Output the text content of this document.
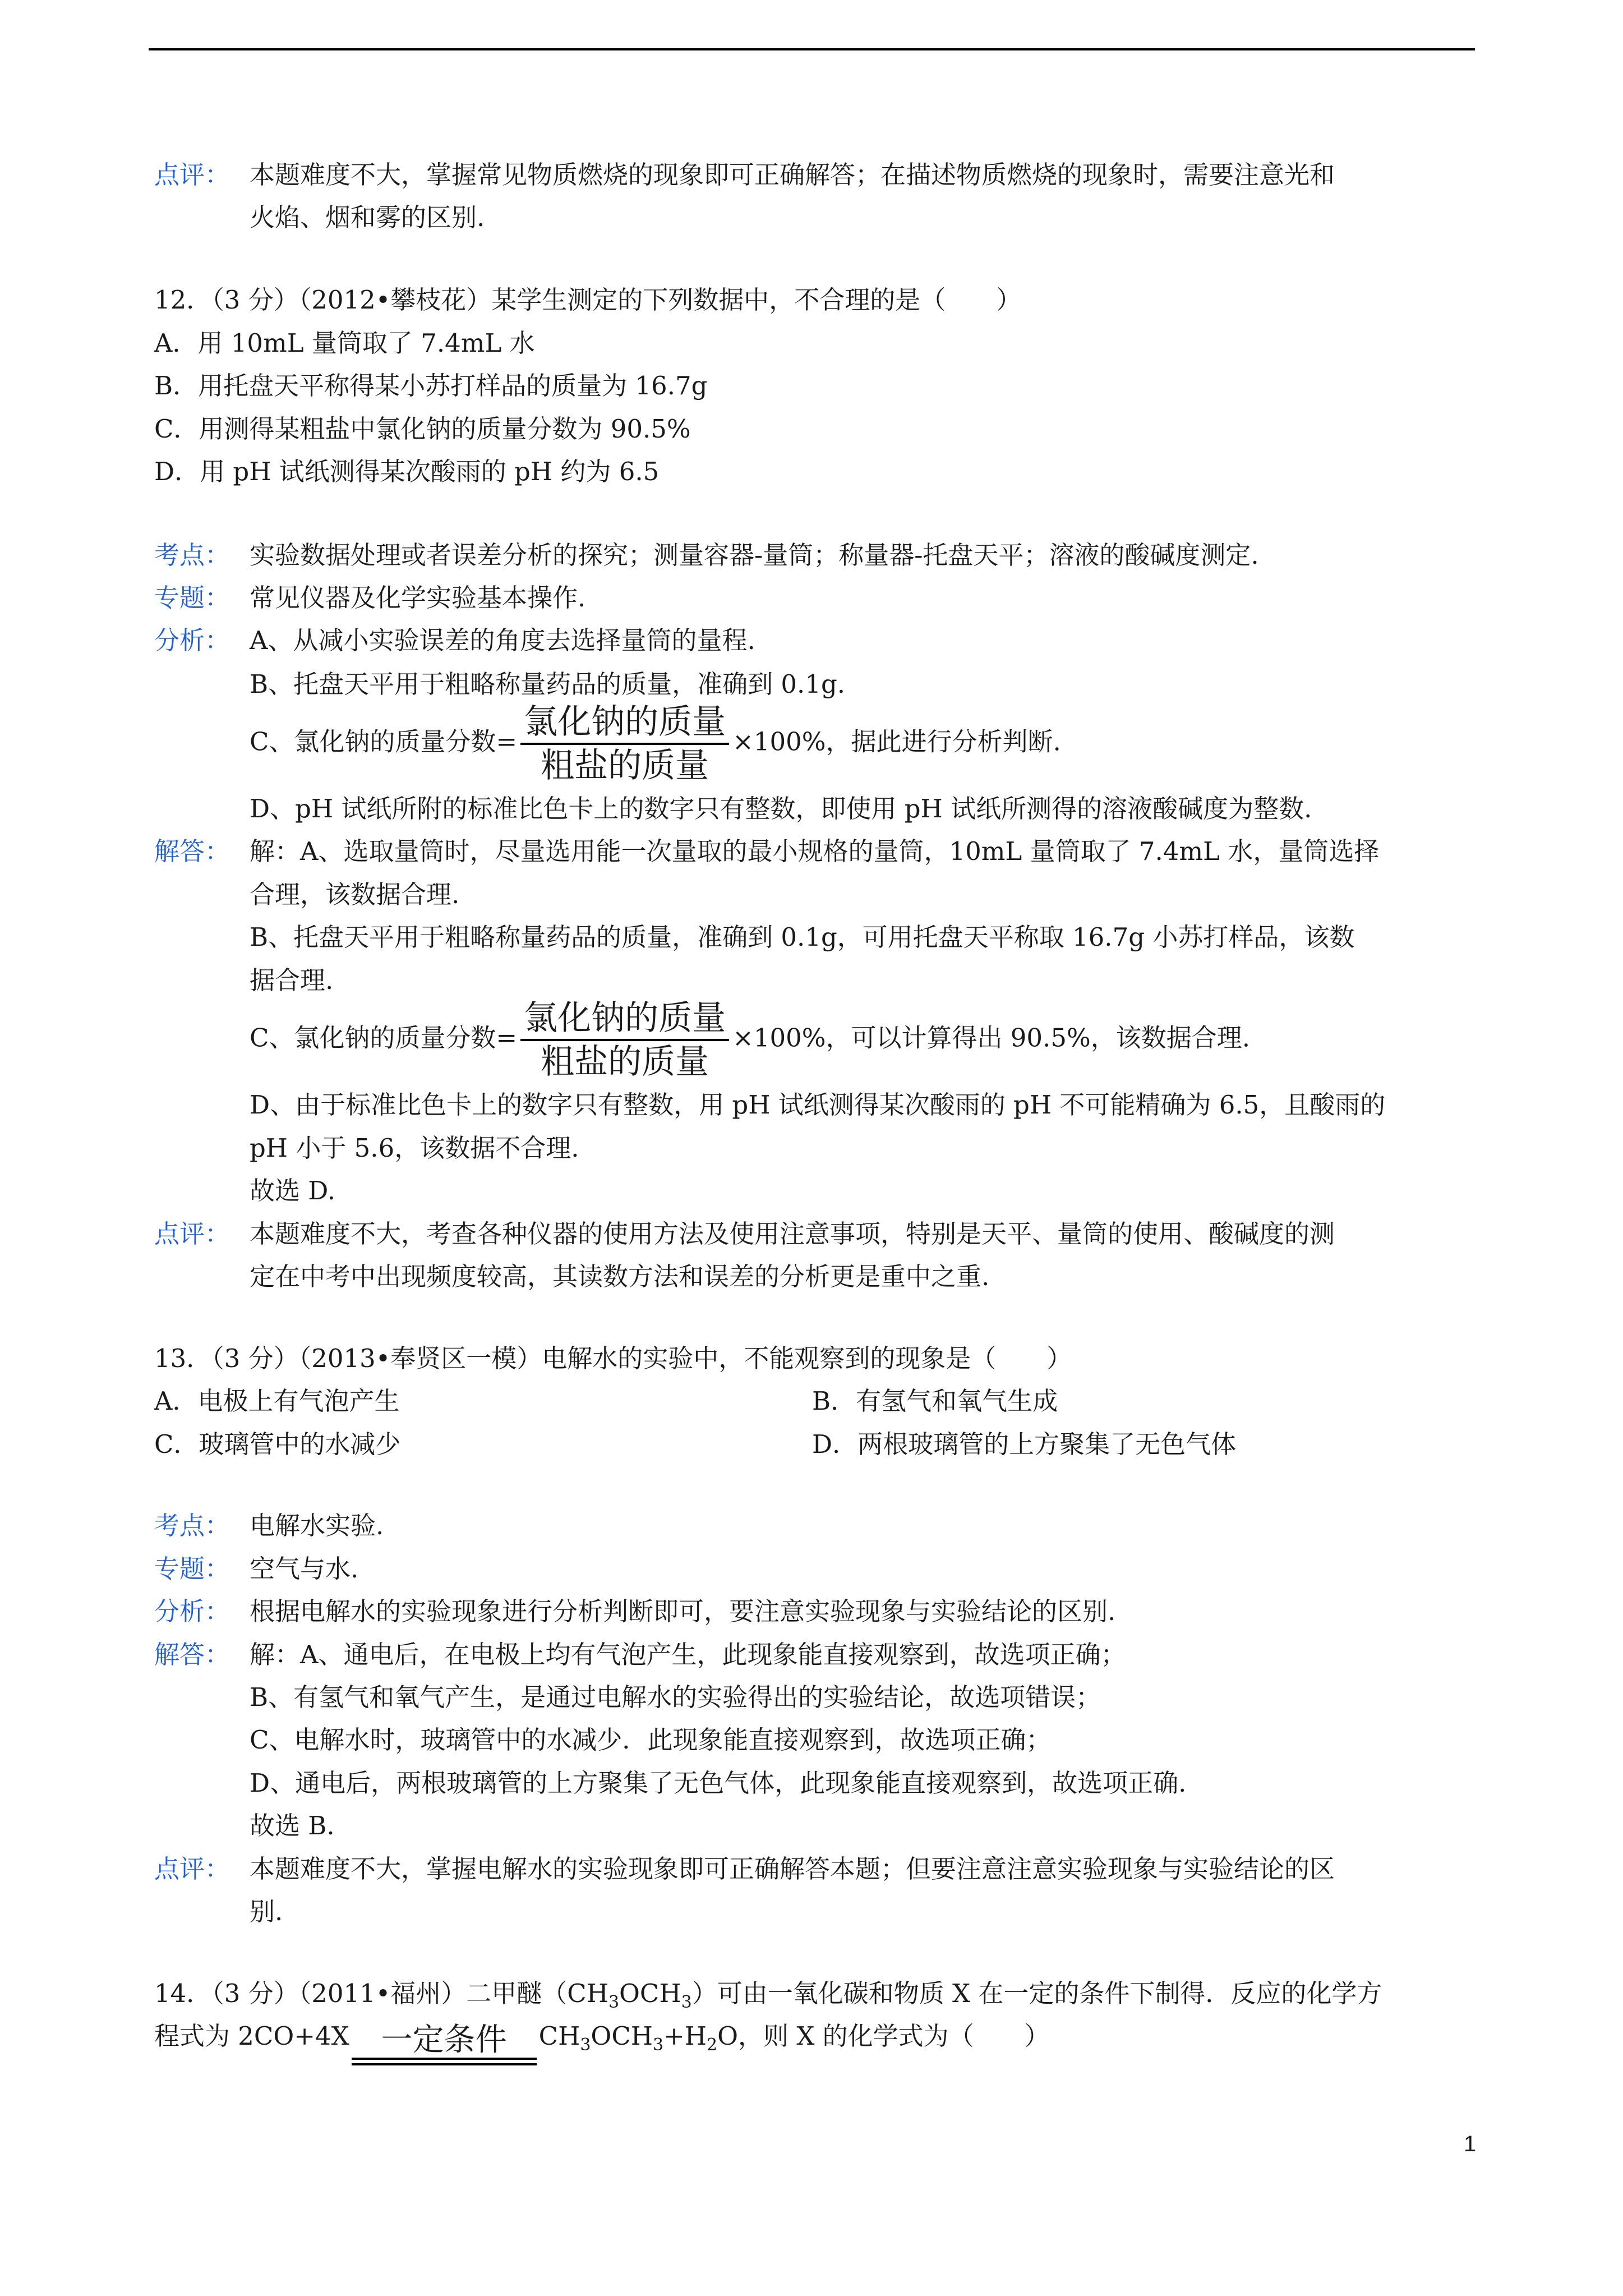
点评： 本题难度不大，掌握常见物质燃烧的现象即可正确解答；在描述物质燃烧的现象时，需要注意光和
火焰、烟和雾的区别.
12．（3 分）（2012•攀枝花）某学生测定的下列数据中，不合理的是（　　）
A．用 10mL 量筒取了 7.4mL 水
B．用托盘天平称得某小苏打样品的质量为 16.7g
C．用测得某粗盐中氯化钠的质量分数为 90.5%
D．用 pH 试纸测得某次酸雨的 pH 约为 6.5
考点： 实验数据处理或者误差分析的探究；测量容器-量筒；称量器-托盘天平；溶液的酸碱度测定.
专题： 常见仪器及化学实验基本操作.
分析： A、从减小实验误差的角度去选择量筒的量程.
B、托盘天平用于粗略称量药品的质量，准确到 0.1g.
C、氯化钠的质量分数= $\frac{\text{氯化钠的质量}}{\text{粗盐的质量}} \times 100\%$，据此进行分析判断.
D、pH 试纸所附的标准比色卡上的数字只有整数，即使用 pH 试纸所测得的溶液酸碱度为整数.
解答： 解：A、选取量筒时，尽量选用能一次量取的最小规格的量筒，10mL 量筒取了 7.4mL 水，量筒选择
合理，该数据合理.
B、托盘天平用于粗略称量药品的质量，准确到 0.1g，可用托盘天平称取 16.7g 小苏打样品，该数
据合理.
C、氯化钠的质量分数= $\frac{\text{氯化钠的质量}}{\text{粗盐的质量}} \times 100\%$，可以计算得出 90.5%，该数据合理.
D、由于标准比色卡上的数字只有整数，用 pH 试纸测得某次酸雨的 pH 不可能精确为 6.5，且酸雨的
pH 小于 5.6，该数据不合理.
故选 D.
点评： 本题难度不大，考查各种仪器的使用方法及使用注意事项，特别是天平、量筒的使用、酸碱度的测
定在中考中出现频度较高，其读数方法和误差的分析更是重中之重.
13．（3 分）（2013•奉贤区一模）电解水的实验中，不能观察到的现象是（　　）
A．电极上有气泡产生	B．有氢气和氧气生成
C．玻璃管中的水减少	D．两根玻璃管的上方聚集了无色气体
考点： 电解水实验.
专题： 空气与水.
分析： 根据电解水的实验现象进行分析判断即可，要注意实验现象与实验结论的区别.
解答： 解：A、通电后，在电极上均有气泡产生，此现象能直接观察到，故选项正确；
B、有氢气和氧气产生，是通过电解水的实验得出的实验结论，故选项错误；
C、电解水时，玻璃管中的水减少．此现象能直接观察到，故选项正确；
D、通电后，两根玻璃管的上方聚集了无色气体，此现象能直接观察到，故选项正确.
故选 B.
点评： 本题难度不大，掌握电解水的实验现象即可正确解答本题；但要注意注意实验现象与实验结论的区
别.
14．（3 分）（2011•福州）二甲醚$(CH_3OCH_3)$可由一氧化碳和物质 X 在一定的条件下制得．反应的化学方
程式为 2CO+4X	一定条件	$CH_3OCH_3+H_2O$，则 X 的化学式为（　　）
1
